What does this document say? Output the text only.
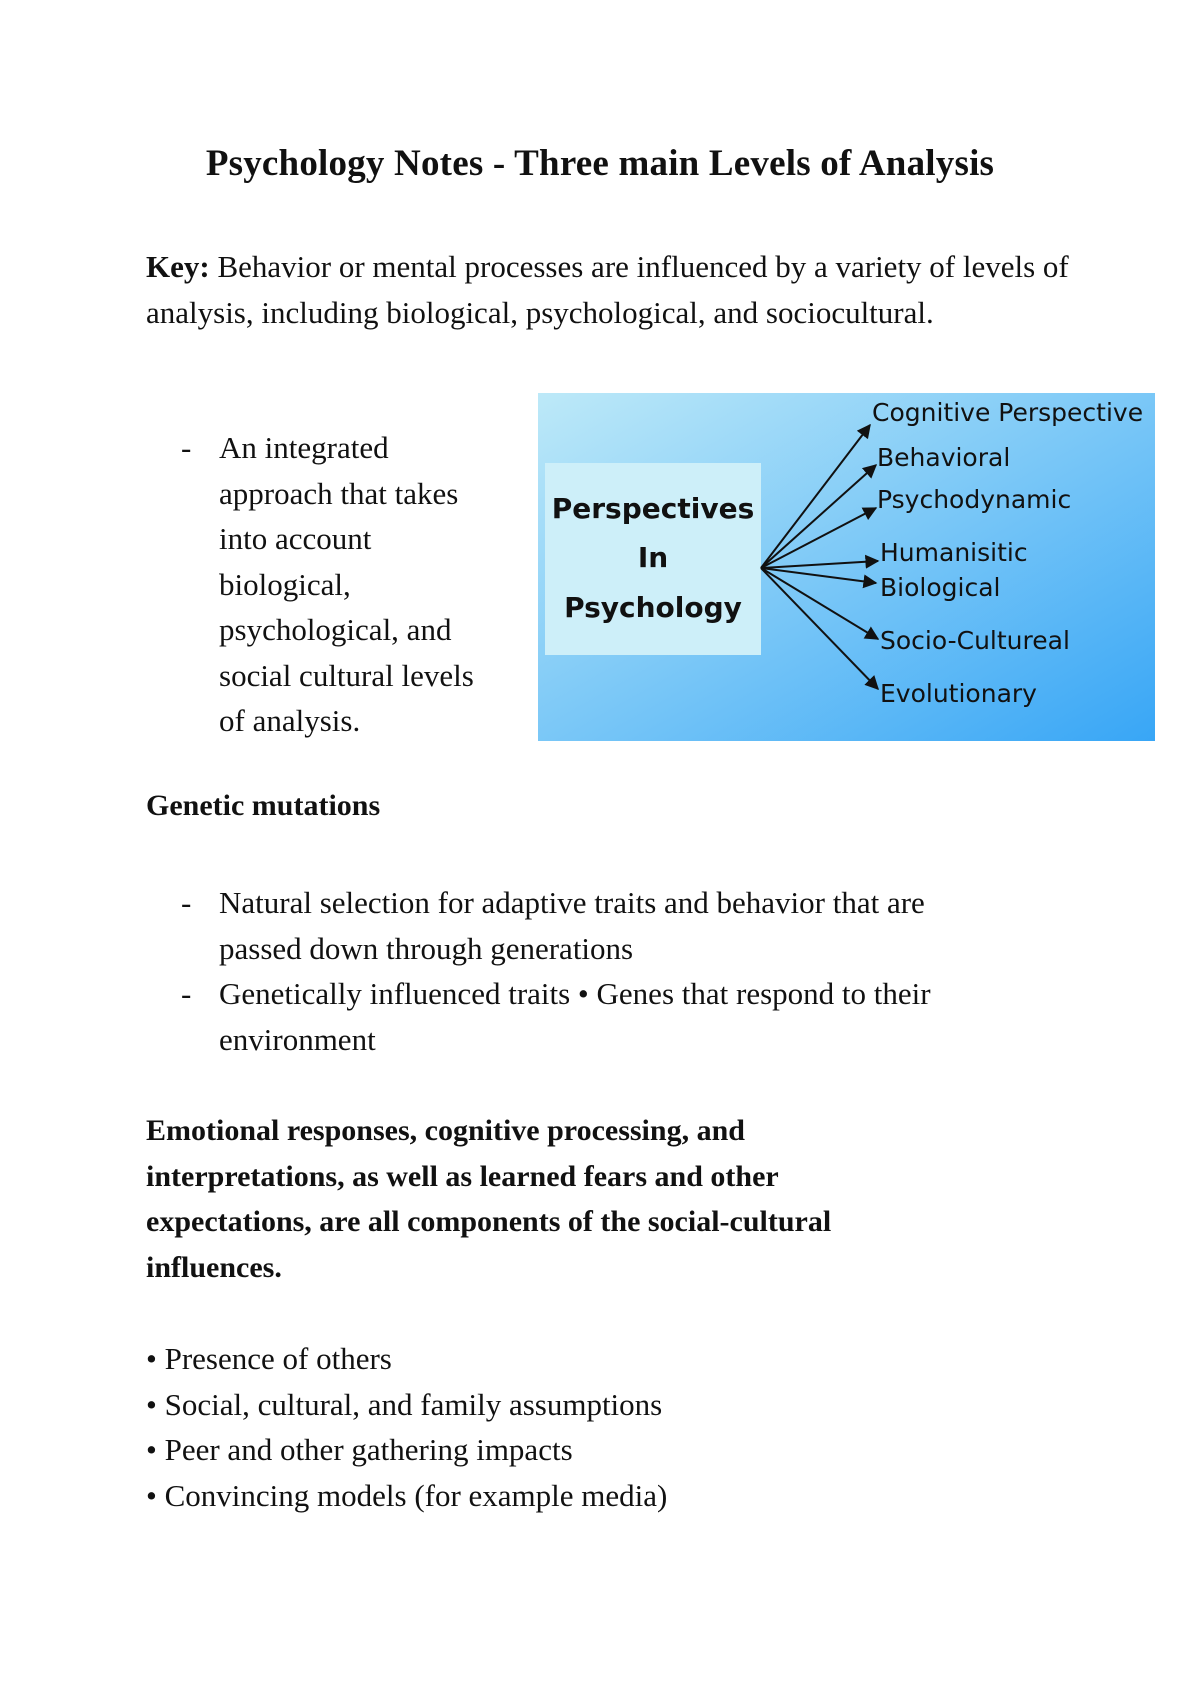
Psychology Notes - Three main Levels of Analysis

Key: Behavior or mental processes are influenced by a variety of levels of analysis, including biological, psychological, and sociocultural.

- An integrated
approach that takes
into account
biological,
psychological, and
social cultural levels
of analysis.
Perspectives
In
Psychology
Cognitive Perspective
Behavioral
Psychodynamic
Humanisitic
Biological
Socio-Cultureal
Evolutionary
Genetic mutations
- Natural selection for adaptive traits and behavior that are
passed down through generations
- Genetically influenced traits • Genes that respond to their
environment

Emotional responses, cognitive processing, and
interpretations, as well as learned fears and other
expectations, are all components of the social-cultural
influences.

• Presence of others
• Social, cultural, and family assumptions
• Peer and other gathering impacts
• Convincing models (for example media)
